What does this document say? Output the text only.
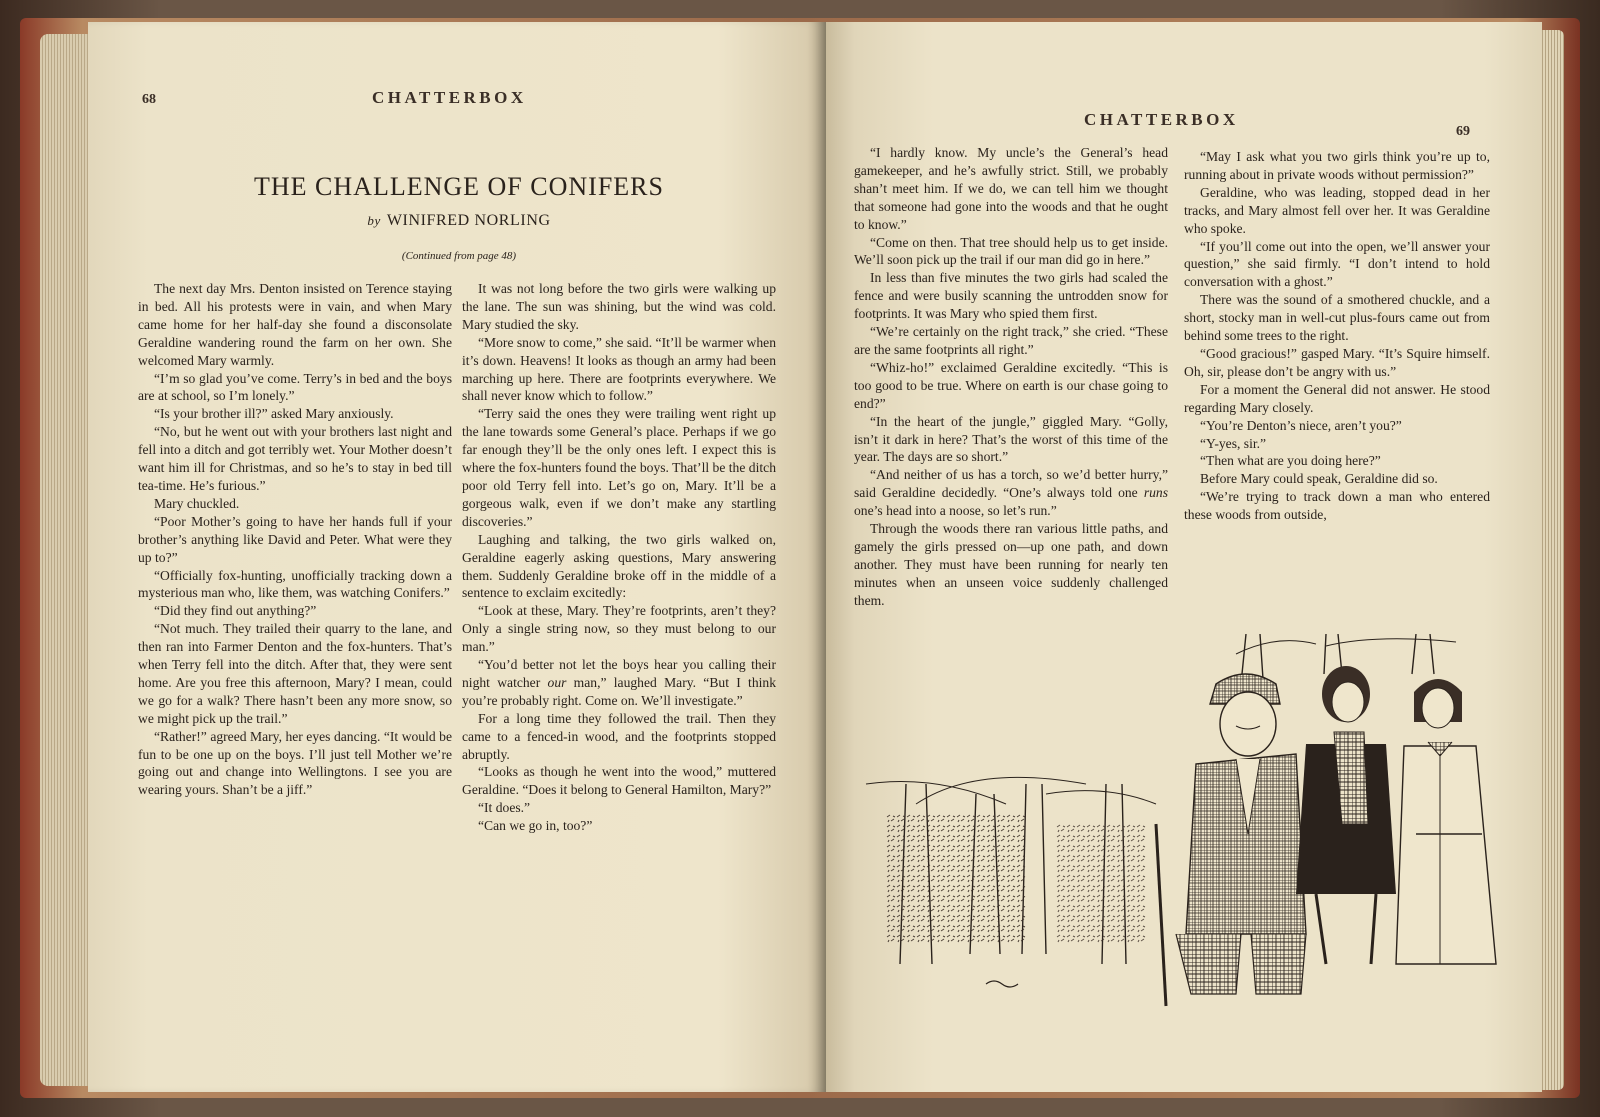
68	CHATTERBOX
THE CHALLENGE OF CONIFERS
by WINIFRED NORLING
(Continued from page 48)

The next day Mrs. Denton insisted on Terence staying in bed. All his protests were in vain, and when Mary came home for her half-day she found a disconsolate Geraldine wandering round the farm on her own. She welcomed Mary warmly.

“I’m so glad you’ve come. Terry’s in bed and the boys are at school, so I’m lonely.”

“Is your brother ill?” asked Mary anxiously.

“No, but he went out with your brothers last night and fell into a ditch and got terribly wet. Your Mother doesn’t want him ill for Christmas, and so he’s to stay in bed till tea-time. He’s furious.”

Mary chuckled.

“Poor Mother’s going to have her hands full if your brother’s anything like David and Peter. What were they up to?”

“Officially fox-hunting, unofficially tracking down a mysterious man who, like them, was watching Conifers.”

“Did they find out anything?”

“Not much. They trailed their quarry to the lane, and then ran into Farmer Denton and the fox-hunters. That’s when Terry fell into the ditch. After that, they were sent home. Are you free this afternoon, Mary? I mean, could we go for a walk? There hasn’t been any more snow, so we might pick up the trail.”

“Rather!” agreed Mary, her eyes dancing. “It would be fun to be one up on the boys. I’ll just tell Mother we’re going out and change into Wellingtons. I see you are wearing yours. Shan’t be a jiff.”

It was not long before the two girls were walking up the lane. The sun was shining, but the wind was cold. Mary studied the sky.

“More snow to come,” she said. “It’ll be warmer when it’s down. Heavens! It looks as though an army had been marching up here. There are footprints everywhere. We shall never know which to follow.”

“Terry said the ones they were trailing went right up the lane towards some General’s place. Perhaps if we go far enough they’ll be the only ones left. I expect this is where the fox-hunters found the boys. That’ll be the ditch poor old Terry fell into. Let’s go on, Mary. It’ll be a gorgeous walk, even if we don’t make any startling discoveries.”

Laughing and talking, the two girls walked on, Geraldine eagerly asking questions, Mary answering them. Suddenly Geraldine broke off in the middle of a sentence to exclaim excitedly:

“Look at these, Mary. They’re footprints, aren’t they? Only a single string now, so they must belong to our man.”

“You’d better not let the boys hear you calling their night watcher our man,” laughed Mary. “But I think you’re probably right. Come on. We’ll investigate.”

For a long time they followed the trail. Then they came to a fenced-in wood, and the footprints stopped abruptly.

“Looks as though he went into the wood,” muttered Geraldine. “Does it belong to General Hamilton, Mary?”

“It does.”

“Can we go in, too?”

CHATTERBOX
69

“I hardly know. My uncle’s the General’s head gamekeeper, and he’s awfully strict. Still, we probably shan’t meet him. If we do, we can tell him we thought that someone had gone into the woods and that he ought to know.”

“Come on then. That tree should help us to get inside. We’ll soon pick up the trail if our man did go in here.”

In less than five minutes the two girls had scaled the fence and were busily scanning the untrodden snow for footprints. It was Mary who spied them first.

“We’re certainly on the right track,” she cried. “These are the same footprints all right.”

“Whiz-ho!” exclaimed Geraldine excitedly. “This is too good to be true. Where on earth is our chase going to end?”

“In the heart of the jungle,” giggled Mary. “Golly, isn’t it dark in here? That’s the worst of this time of the year. The days are so short.”

“And neither of us has a torch, so we’d better hurry,” said Geraldine decidedly. “One’s always told one runs one’s head into a noose, so let’s run.”

Through the woods there ran various little paths, and gamely the girls pressed on—up one path, and down another. They must have been running for nearly ten minutes when an unseen voice suddenly challenged them.

“May I ask what you two girls think you’re up to, running about in private woods without permission?”

Geraldine, who was leading, stopped dead in her tracks, and Mary almost fell over her. It was Geraldine who spoke.

“If you’ll come out into the open, we’ll answer your question,” she said firmly. “I don’t intend to hold conversation with a ghost.”

There was the sound of a smothered chuckle, and a short, stocky man in well-cut plus-fours came out from behind some trees to the right.

“Good gracious!” gasped Mary. “It’s Squire himself. Oh, sir, please don’t be angry with us.”

For a moment the General did not answer. He stood regarding Mary closely.

“You’re Denton’s niece, aren’t you?”

“Y-yes, sir.”

“Then what are you doing here?”

Before Mary could speak, Geraldine did so.

“We’re trying to track down a man who entered these woods from outside,
